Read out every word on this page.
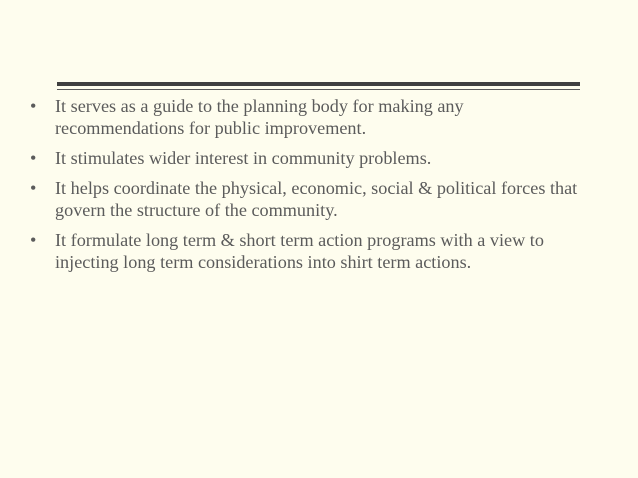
•	It serves as a guide to the planning body for making any recommendations for public improvement.
•	It stimulates wider interest in community problems.
•	It helps coordinate the physical, economic, social & political forces that govern the structure of the community.
•	It formulate long term & short term action programs with a view to injecting long term considerations into shirt term actions.
